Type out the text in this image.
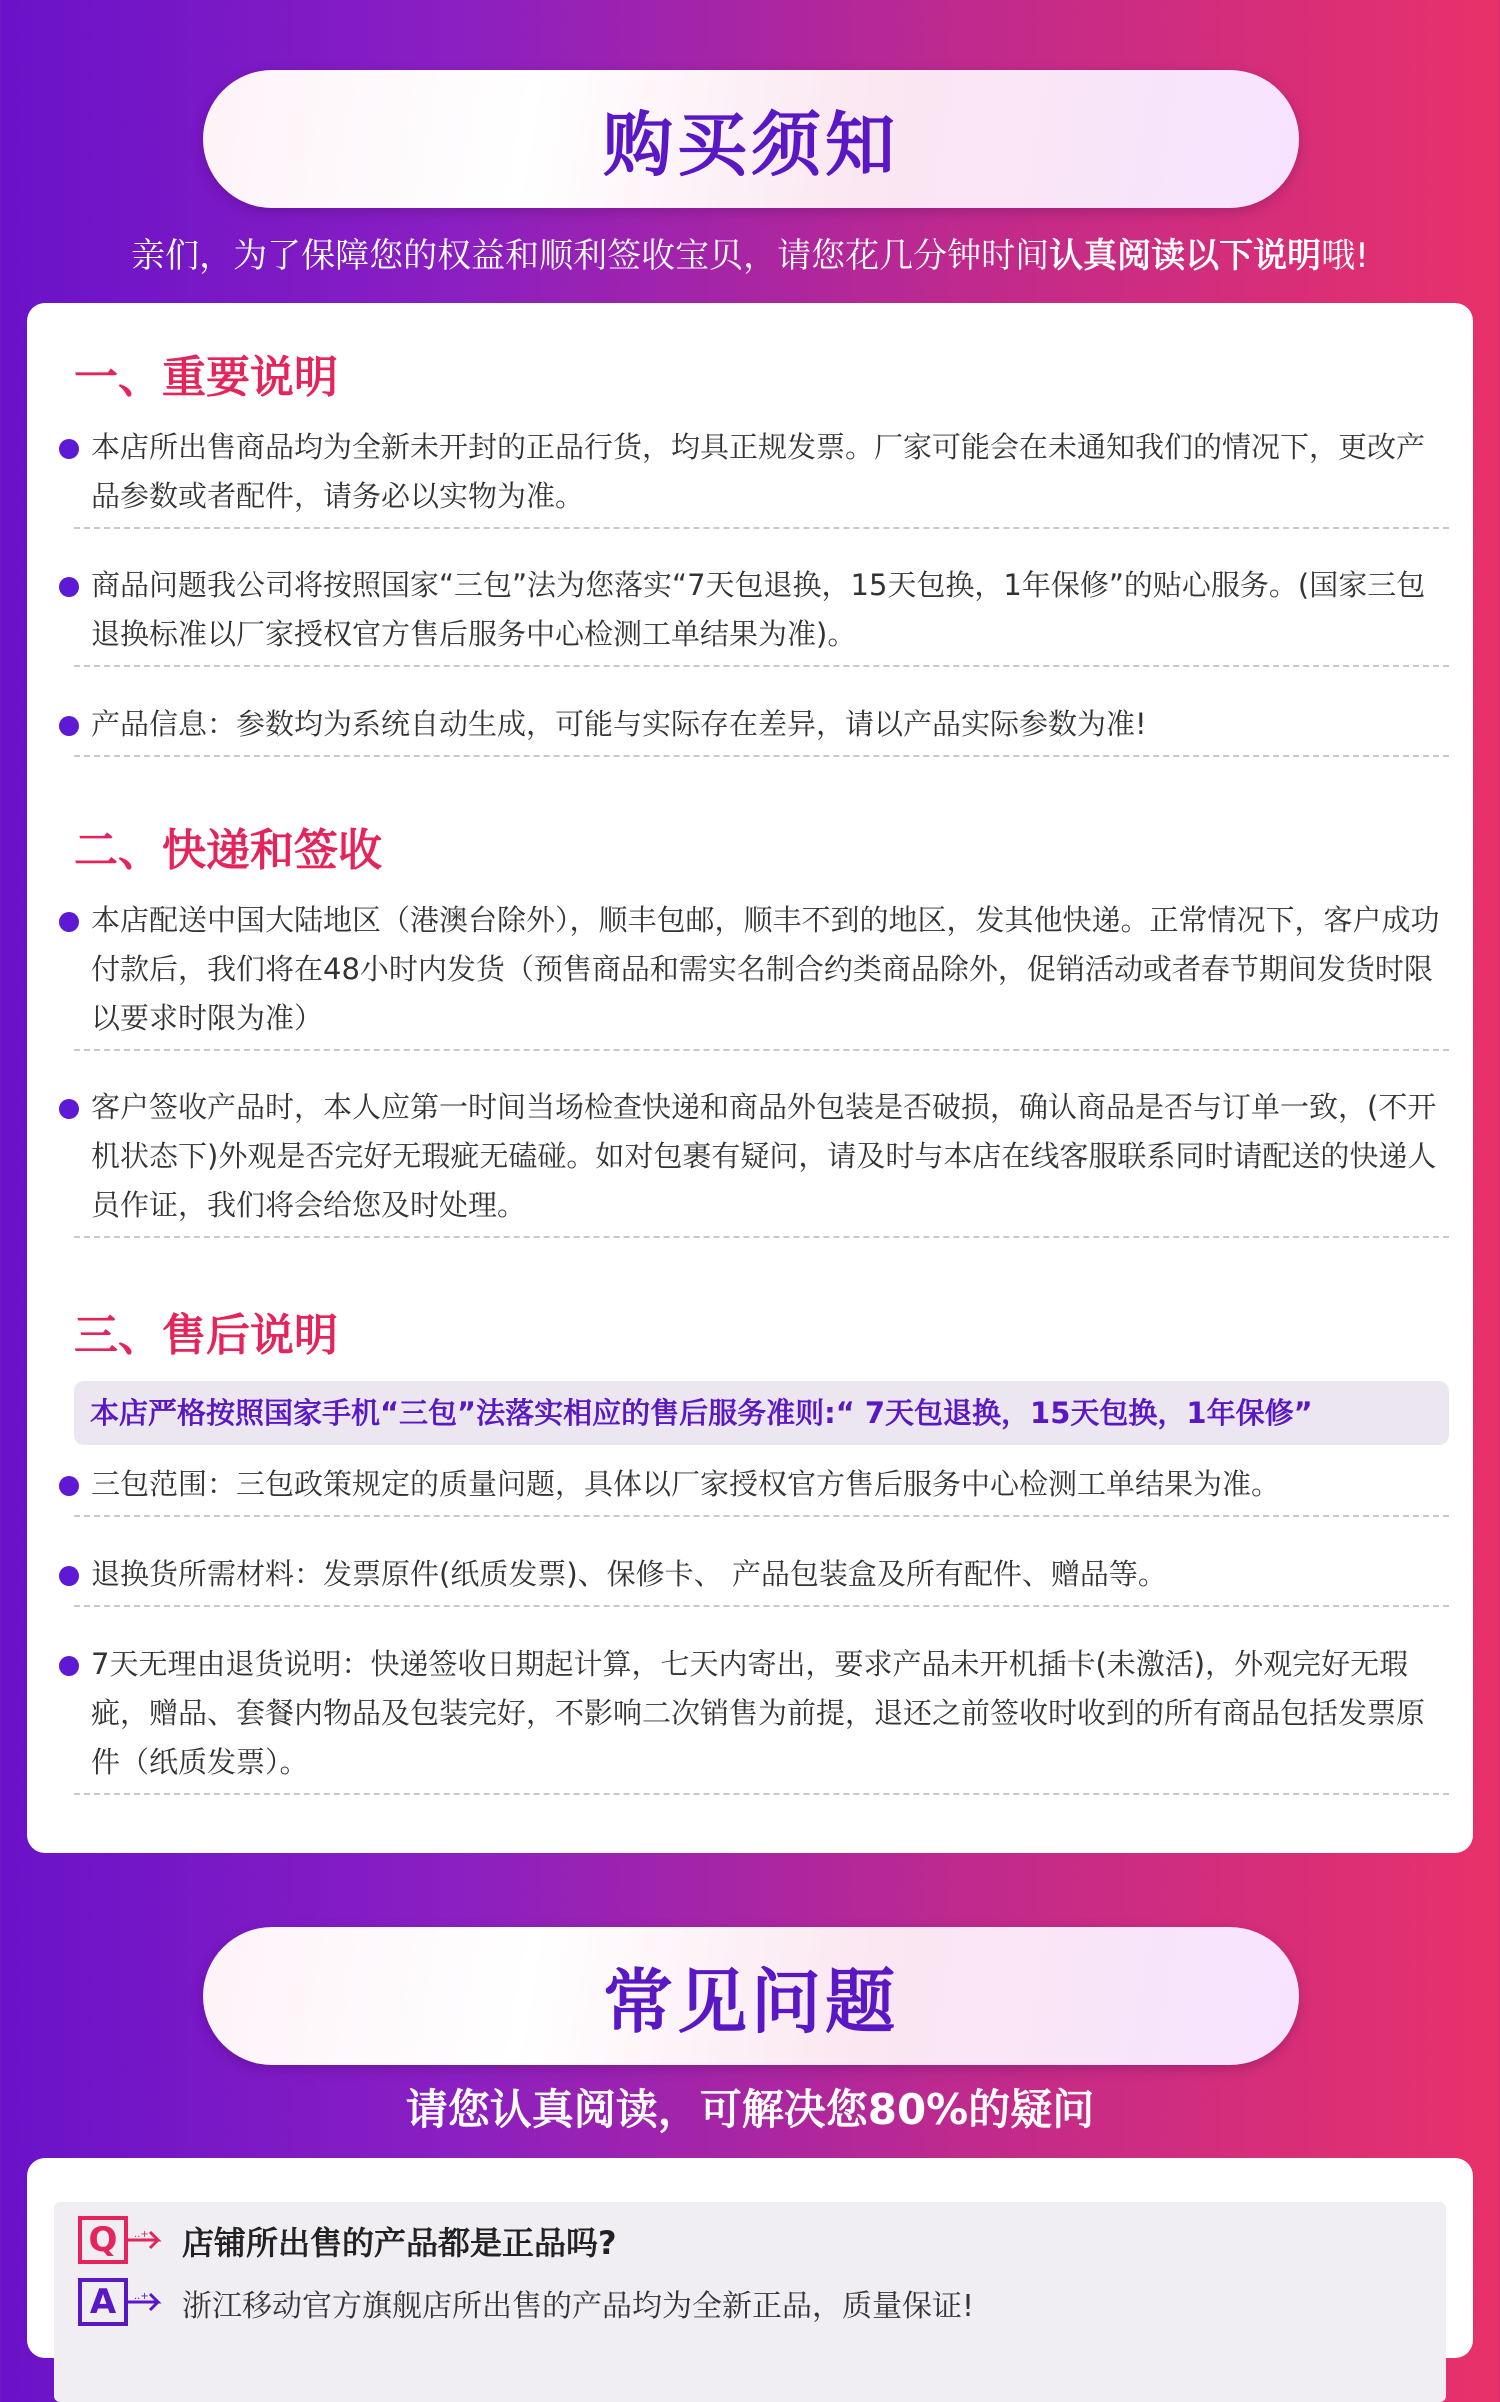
购买须知
亲们，为了保障您的权益和顺利签收宝贝，请您花几分钟时间认真阅读以下说明哦!
一、重要说明
本店所出售商品均为全新未开封的正品行货，均具正规发票。厂家可能会在未通知我们的情况下，更改产品参数或者配件，请务必以实物为准。
商品问题我公司将按照国家“三包”法为您落实“7天包退换，15天包换，1年保修”的贴心服务。(国家三包退换标准以厂家授权官方售后服务中心检测工单结果为准)。
产品信息：参数均为系统自动生成，可能与实际存在差异，请以产品实际参数为准!
二、快递和签收
本店配送中国大陆地区（港澳台除外），顺丰包邮，顺丰不到的地区，发其他快递。正常情况下，客户成功付款后，我们将在48小时内发货（预售商品和需实名制合约类商品除外，促销活动或者春节期间发货时限以要求时限为准）
客户签收产品时，本人应第一时间当场检查快递和商品外包装是否破损，确认商品是否与订单一致，(不开机状态下)外观是否完好无瑕疵无磕碰。如对包裹有疑问，请及时与本店在线客服联系同时请配送的快递人员作证，我们将会给您及时处理。
三、售后说明
本店严格按照国家手机“三包”法落实相应的售后服务准则:“ 7天包退换，15天包换，1年保修”
三包范围：三包政策规定的质量问题，具体以厂家授权官方售后服务中心检测工单结果为准。
退换货所需材料：发票原件(纸质发票)、保修卡、 产品包装盒及所有配件、赠品等。
7天无理由退货说明：快递签收日期起计算，七天内寄出，要求产品未开机插卡(未激活)，外观完好无瑕疵，赠品、套餐内物品及包装完好，不影响二次销售为前提，退还之前签收时收到的所有商品包括发票原件（纸质发票）。
常见问题
请您认真阅读，可解决您80%的疑问
Q	..+ 店铺所出售的产品都是正品吗?
A	..+ 浙江移动官方旗舰店所出售的产品均为全新正品，质量保证!
